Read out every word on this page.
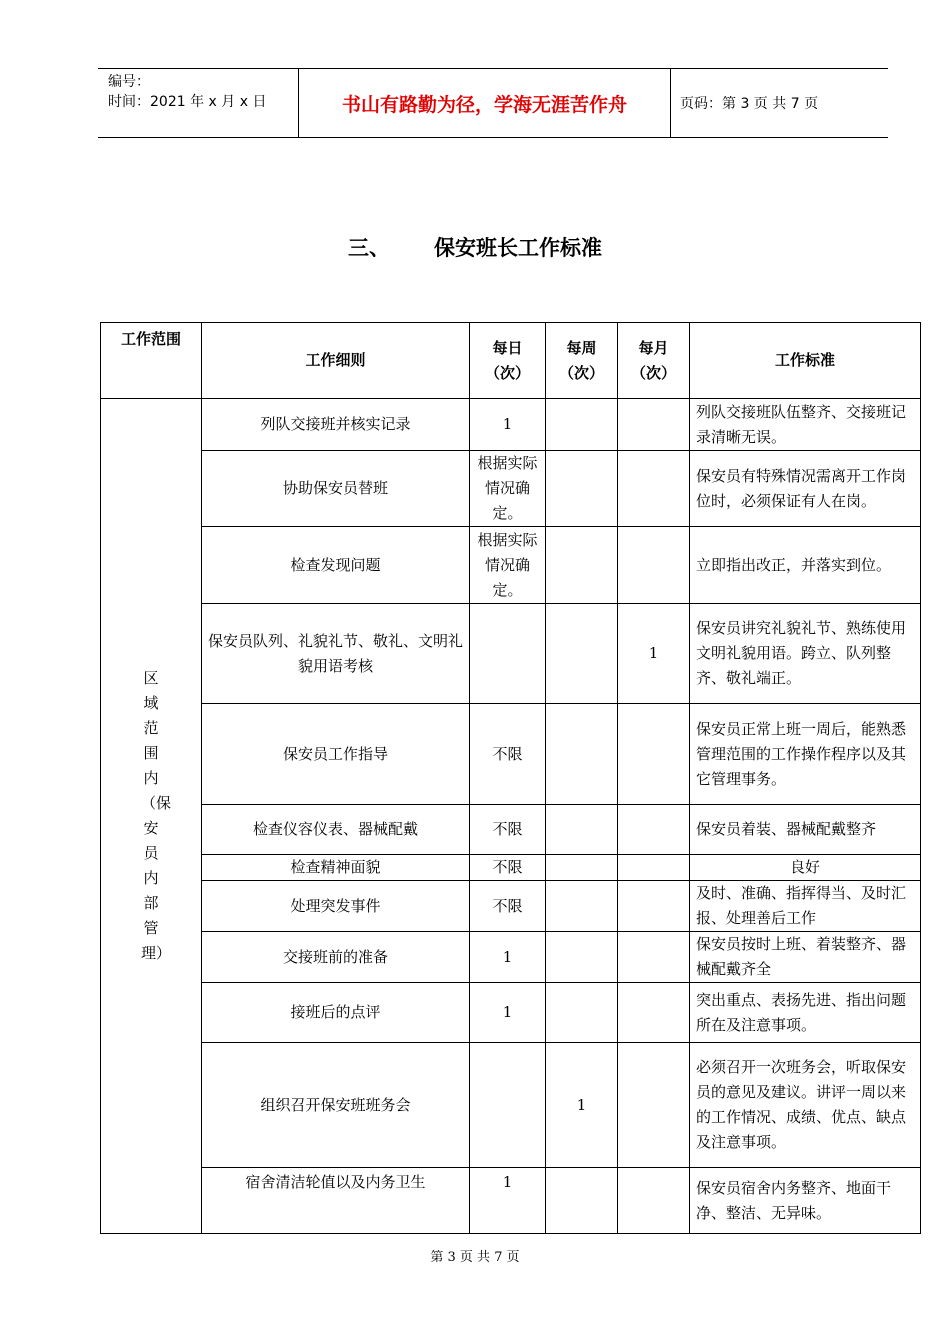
编号：
时间：2021 年 x 月 x 日	书山有路勤为径，学海无涯苦作舟	页码：第 3 页 共 7 页
三、 保安班长工作标准
工作范围	工作细则	每日（次）	每周（次）	每月（次）	工作标准

区域范围内（保安员内部管理）	列队交接班并核实记录	1			列队交接班队伍整齐、交接班记录清晰无误。
	协助保安员替班	根据实际情况确定。			保安员有特殊情况需离开工作岗位时，必须保证有人在岗。
	检查发现问题	根据实际情况确定。			立即指出改正，并落实到位。
	保安员队列、礼貌礼节、敬礼、文明礼貌用语考核			1	保安员讲究礼貌礼节、熟练使用文明礼貌用语。跨立、队列整齐、敬礼端正。
	保安员工作指导	不限			保安员正常上班一周后，能熟悉 管理范围的工作操作程序以及其它管理事务。
	检查仪容仪表、器械配戴	不限			保安员着装、器械配戴整齐
	检查精神面貌	不限			良好
	处理突发事件	不限			及时、准确、指挥得当、及时汇报、处理善后工作
	交接班前的准备	1			保安员按时上班、着装整齐、器械配戴齐全
	接班后的点评	1			突出重点、表扬先进、指出问题所在及注意事项。
	组织召开保安班班务会		1		必须召开一次班务会，听取保安员的意见及建议。讲评一周以来的工作情况、成绩、优点、缺点及注意事项。
	宿舍清洁轮值以及内务卫生	1			保安员宿舍内务整齐、地面干净、整洁、无异味。
第 3 页 共 7 页
